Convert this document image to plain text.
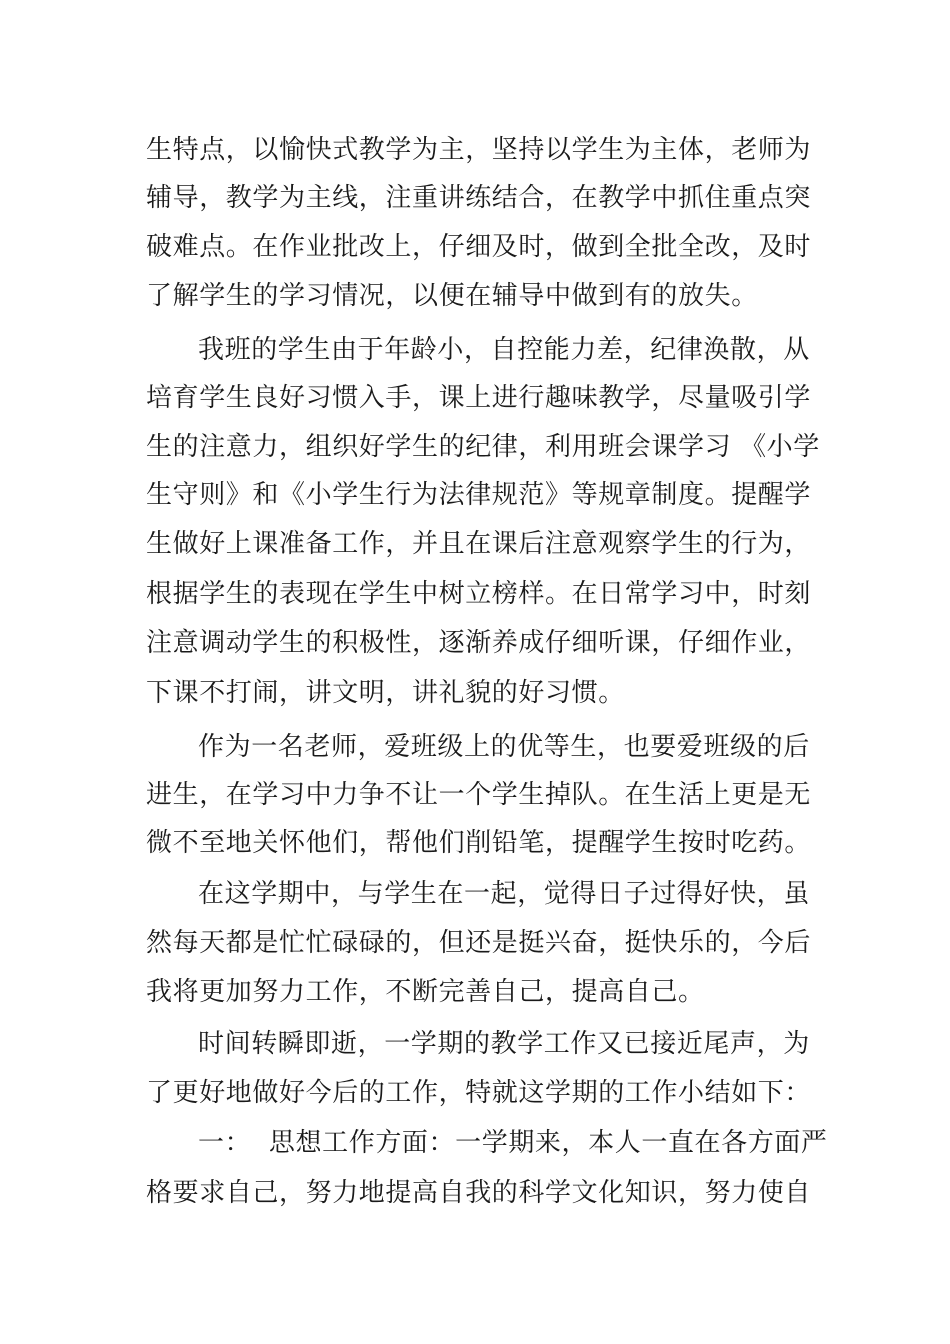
生特点，以愉快式教学为主，坚持以学生为主体，老师为
辅导，教学为主线，注重讲练结合，在教学中抓住重点突
破难点。在作业批改上，仔细及时，做到全批全改，及时
了解学生的学习情况，以便在辅导中做到有的放失。
我班的学生由于年龄小，自控能力差，纪律涣散，从
培育学生良好习惯入手，课上进行趣味教学，尽量吸引学
生的注意力，组织好学生的纪律，利用班会课学习 《小学
生守则》和《小学生行为法律规范》等规章制度。提醒学
生做好上课准备工作，并且在课后注意观察学生的行为，
根据学生的表现在学生中树立榜样。在日常学习中，时刻
注意调动学生的积极性，逐渐养成仔细听课，仔细作业，
下课不打闹，讲文明，讲礼貌的好习惯。
作为一名老师，爱班级上的优等生，也要爱班级的后
进生，在学习中力争不让一个学生掉队。在生活上更是无
微不至地关怀他们，帮他们削铅笔，提醒学生按时吃药。
在这学期中，与学生在一起，觉得日子过得好快，虽
然每天都是忙忙碌碌的，但还是挺兴奋，挺快乐的，今后
我将更加努力工作，不断完善自己，提高自己。
时间转瞬即逝，一学期的教学工作又已接近尾声，为
了更好地做好今后的工作，特就这学期的工作小结如下：
一：  思想工作方面：一学期来，本人一直在各方面严
格要求自己，努力地提高自我的科学文化知识，努力使自
